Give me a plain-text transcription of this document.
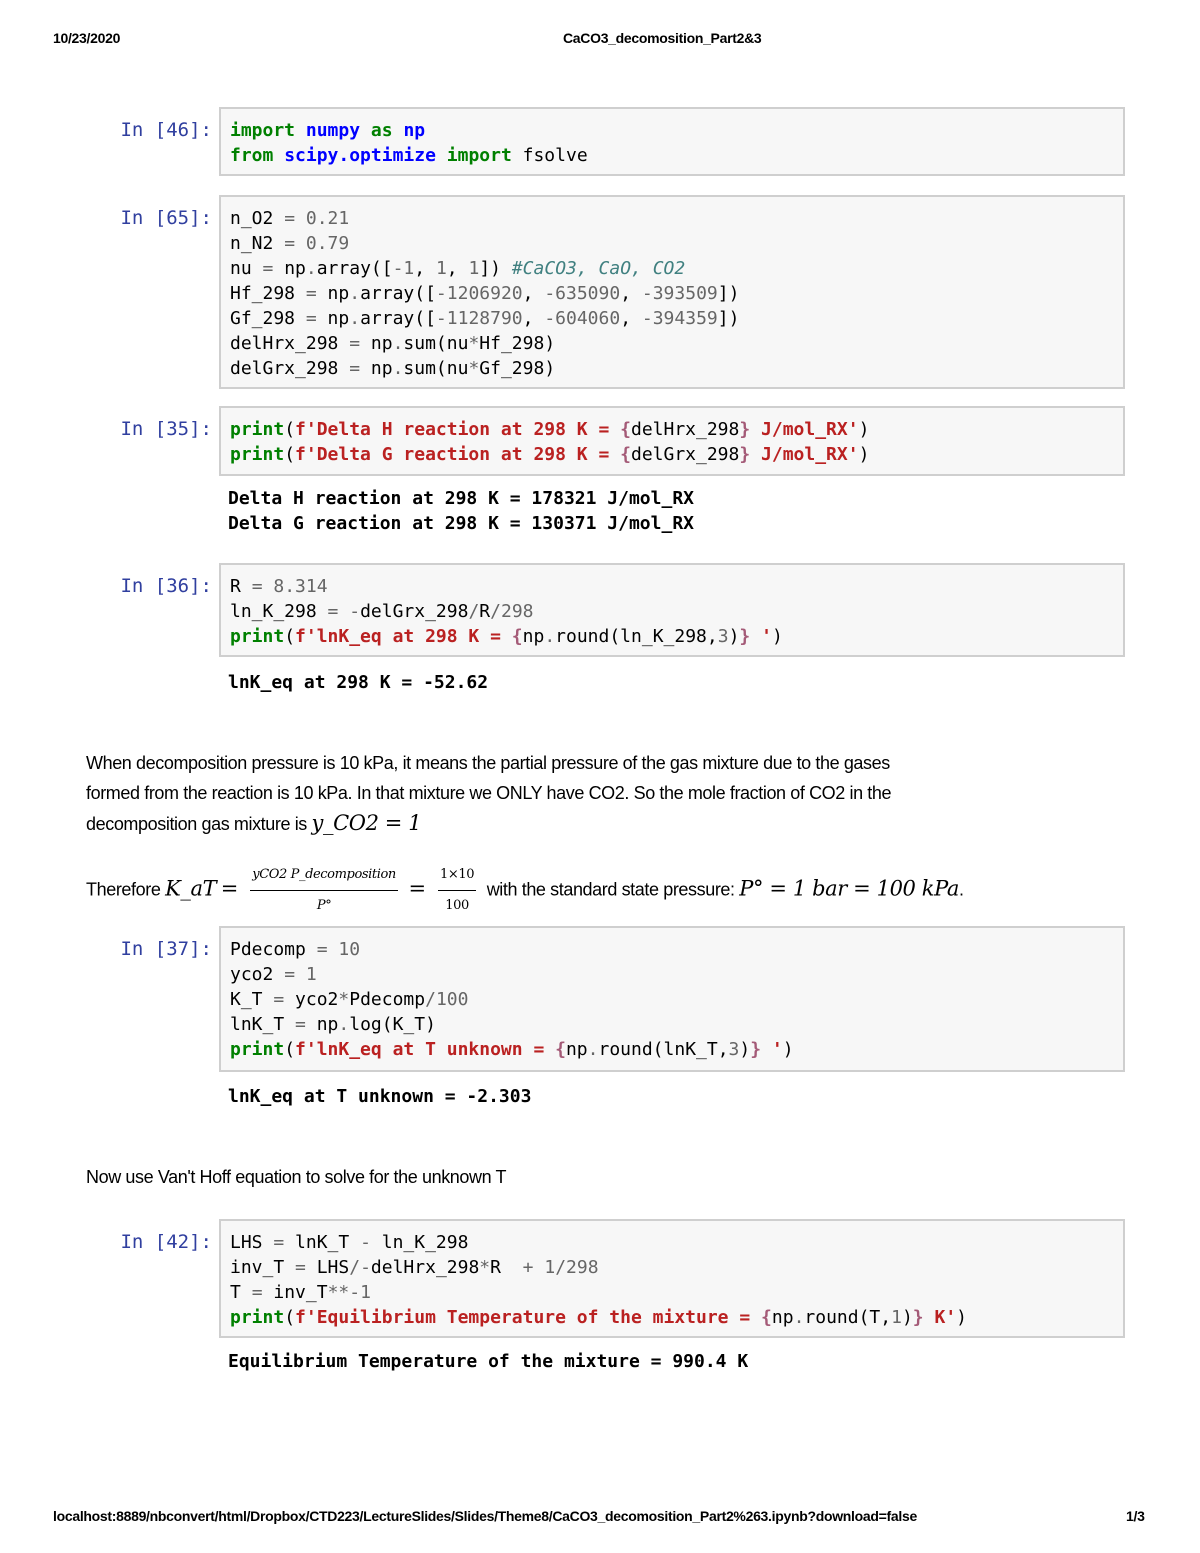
10/23/2020	CaCO3_decomosition_Part2&3
localhost:8889/nbconvert/html/Dropbox/CTD223/LectureSlides/Slides/Theme8/CaCO3_decomosition_Part2%263.ipynb?download=false	1/3
In [46]:	import numpy as np
from scipy.optimize import fsolve
In [65]:	n_O2 = 0.21
n_N2 = 0.79
nu = np.array([-1, 1, 1]) #CaCO3, CaO, CO2
Hf_298 = np.array([-1206920, -635090, -393509])
Gf_298 = np.array([-1128790, -604060, -394359])
delHrx_298 = np.sum(nu*Hf_298)
delGrx_298 = np.sum(nu*Gf_298)
In [35]:	print(f'Delta H reaction at 298 K = {delHrx_298} J/mol_RX')
print(f'Delta G reaction at 298 K = {delGrx_298} J/mol_RX')
Delta H reaction at 298 K = 178321 J/mol_RX
Delta G reaction at 298 K = 130371 J/mol_RX
In [36]:	R = 8.314
ln_K_298 = -delGrx_298/R/298
print(f'lnK_eq at 298 K = {np.round(ln_K_298,3)} ')
lnK_eq at 298 K = -52.62
When decomposition pressure is 10 kPa, it means the partial pressure of the gas mixture due to the gases
formed from the reaction is 10 kPa. In that mixture we ONLY have CO2. So the mole fraction of CO2 in the
decomposition gas mixture is y_CO2 = 1
Therefore K_aT = $\frac{\text{yCO2 P\_decomposition}}{P^\circ} = \frac{1\times 10}{100}$ with the standard state pressure: P° = 1 bar = 100 kPa.
In [37]:	Pdecomp = 10
yco2 = 1
K_T = yco2*Pdecomp/100
lnK_T = np.log(K_T)
print(f'lnK_eq at T unknown = {np.round(lnK_T,3)} ')
lnK_eq at T unknown = -2.303
Now use Van't Hoff equation to solve for the unknown T
In [42]:	LHS = lnK_T - ln_K_298
inv_T = LHS/-delHrx_298*R  + 1/298
T = inv_T**-1
print(f'Equilibrium Temperature of the mixture = {np.round(T,1)} K')
Equilibrium Temperature of the mixture = 990.4 K
